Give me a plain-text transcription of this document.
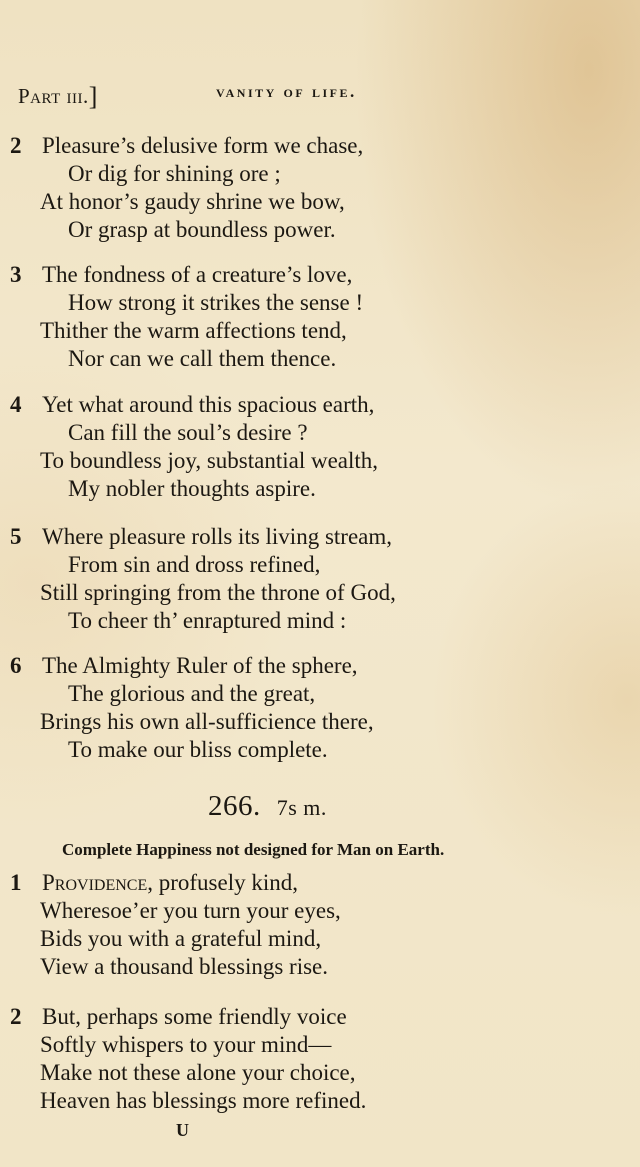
Part iii.]	vanity of life.
2 Pleasure’s delusive form we chase,
Or dig for shining ore ;
At honor’s gaudy shrine we bow,
Or grasp at boundless power.
3 The fondness of a creature’s love,
How strong it strikes the sense !
Thither the warm affections tend,
Nor can we call them thence.
4 Yet what around this spacious earth,
Can fill the soul’s desire ?
To boundless joy, substantial wealth,
My nobler thoughts aspire.
5 Where pleasure rolls its living stream,
From sin and dross refined,
Still springing from the throne of God,
To cheer th’ enraptured mind :
6 The Almighty Ruler of the sphere,
The glorious and the great,
Brings his own all-sufficience there,
To make our bliss complete.
266. 7s m.
Complete Happiness not designed for Man on Earth.
1 Providence, profusely kind,
Wheresoe’er you turn your eyes,
Bids you with a grateful mind,
View a thousand blessings rise.
2 But, perhaps some friendly voice
Softly whispers to your mind—
Make not these alone your choice,
Heaven has blessings more refined.
U
